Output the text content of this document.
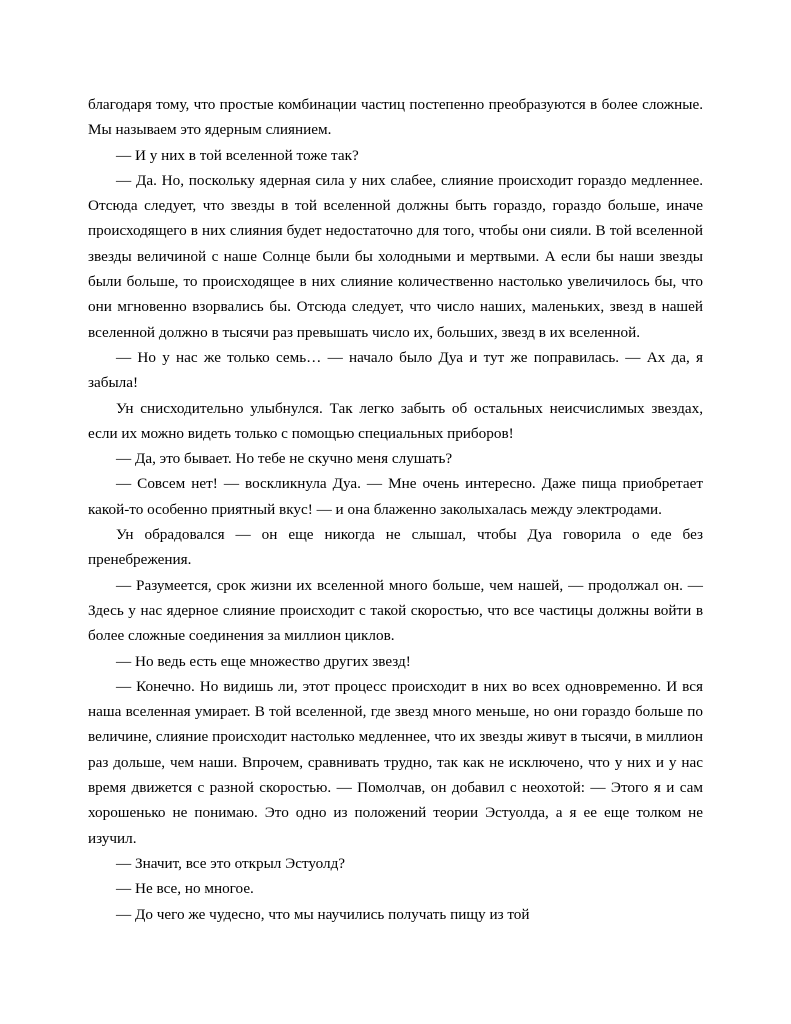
благодаря тому, что простые комбинации частиц постепенно преобразуются в более сложные. Мы называем это ядерным слиянием.

— И у них в той вселенной тоже так?

— Да. Но, поскольку ядерная сила у них слабее, слияние происходит гораздо медленнее. Отсюда следует, что звезды в той вселенной должны быть гораздо, гораздо больше, иначе происходящего в них слияния будет недостаточно для того, чтобы они сияли. В той вселенной звезды величиной с наше Солнце были бы холодными и мертвыми. А если бы наши звезды были больше, то происходящее в них слияние количественно настолько увеличилось бы, что они мгновенно взорвались бы. Отсюда следует, что число наших, маленьких, звезд в нашей вселенной должно в тысячи раз превышать число их, больших, звезд в их вселенной.

— Но у нас же только семь… — начало было Дуа и тут же поправилась. — Ах да, я забыла!

Ун снисходительно улыбнулся. Так легко забыть об остальных неисчислимых звездах, если их можно видеть только с помощью специальных приборов!

— Да, это бывает. Но тебе не скучно меня слушать?

— Совсем нет! — воскликнула Дуа. — Мне очень интересно. Даже пища приобретает какой-то особенно приятный вкус! — и она блаженно заколыхалась между электродами.

Ун обрадовался — он еще никогда не слышал, чтобы Дуа говорила о еде без пренебрежения.

— Разумеется, срок жизни их вселенной много больше, чем нашей, — продолжал он. — Здесь у нас ядерное слияние происходит с такой скоростью, что все частицы должны войти в более сложные соединения за миллион циклов.

— Но ведь есть еще множество других звезд!

— Конечно. Но видишь ли, этот процесс происходит в них во всех одновременно. И вся наша вселенная умирает. В той вселенной, где звезд много меньше, но они гораздо больше по величине, слияние происходит настолько медленнее, что их звезды живут в тысячи, в миллион раз дольше, чем наши. Впрочем, сравнивать трудно, так как не исключено, что у них и у нас время движется с разной скоростью. — Помолчав, он добавил с неохотой: — Этого я и сам хорошенько не понимаю. Это одно из положений теории Эстуолда, а я ее еще толком не изучил.

— Значит, все это открыл Эстуолд?

— Не все, но многое.

— До чего же чудесно, что мы научились получать пищу из той
